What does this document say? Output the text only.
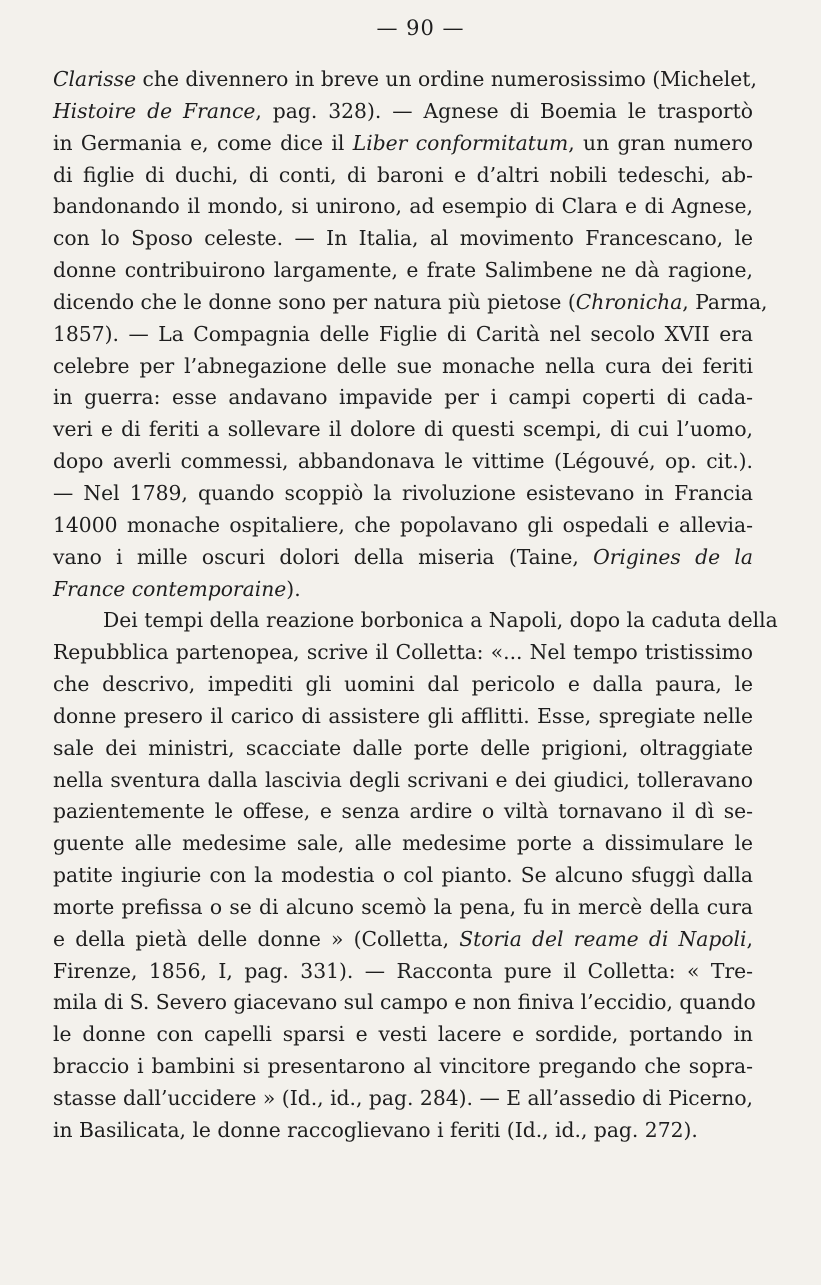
— 90 —
Clarisse che divennero in breve un ordine numerosissimo (Michelet,
Histoire de France, pag. 328). — Agnese di Boemia le trasportò
in Germania e, come dice il Liber conformitatum, un gran numero
di figlie di duchi, di conti, di baroni e d’altri nobili tedeschi, ab-
bandonando il mondo, si unirono, ad esempio di Clara e di Agnese,
con lo Sposo celeste. — In Italia, al movimento Francescano, le
donne contribuirono largamente, e frate Salimbene ne dà ragione,
dicendo che le donne sono per natura più pietose (Chronicha, Parma,
1857). — La Compagnia delle Figlie di Carità nel secolo XVII era
celebre per l’abnegazione delle sue monache nella cura dei feriti
in guerra: esse andavano impavide per i campi coperti di cada-
veri e di feriti a sollevare il dolore di questi scempi, di cui l’uomo,
dopo averli commessi, abbandonava le vittime (Légouvé, op. cit.).
— Nel 1789, quando scoppiò la rivoluzione esistevano in Francia
14000 monache ospitaliere, che popolavano gli ospedali e allevia-
vano i mille oscuri dolori della miseria (Taine, Origines de la
France contemporaine).
Dei tempi della reazione borbonica a Napoli, dopo la caduta della
Repubblica partenopea, scrive il Colletta: «... Nel tempo tristissimo
che descrivo, impediti gli uomini dal pericolo e dalla paura, le
donne presero il carico di assistere gli afflitti. Esse, spregiate nelle
sale dei ministri, scacciate dalle porte delle prigioni, oltraggiate
nella sventura dalla lascivia degli scrivani e dei giudici, tolleravano
pazientemente le offese, e senza ardire o viltà tornavano il dì se-
guente alle medesime sale, alle medesime porte a dissimulare le
patite ingiurie con la modestia o col pianto. Se alcuno sfuggì dalla
morte prefissa o se di alcuno scemò la pena, fu in mercè della cura
e della pietà delle donne » (Colletta, Storia del reame di Napoli,
Firenze, 1856, I, pag. 331). — Racconta pure il Colletta: « Tre-
mila di S. Severo giacevano sul campo e non finiva l’eccidio, quando
le donne con capelli sparsi e vesti lacere e sordide, portando in
braccio i bambini si presentarono al vincitore pregando che sopra-
stasse dall’uccidere » (Id., id., pag. 284). — E all’assedio di Picerno,
in Basilicata, le donne raccoglievano i feriti (Id., id., pag. 272).
